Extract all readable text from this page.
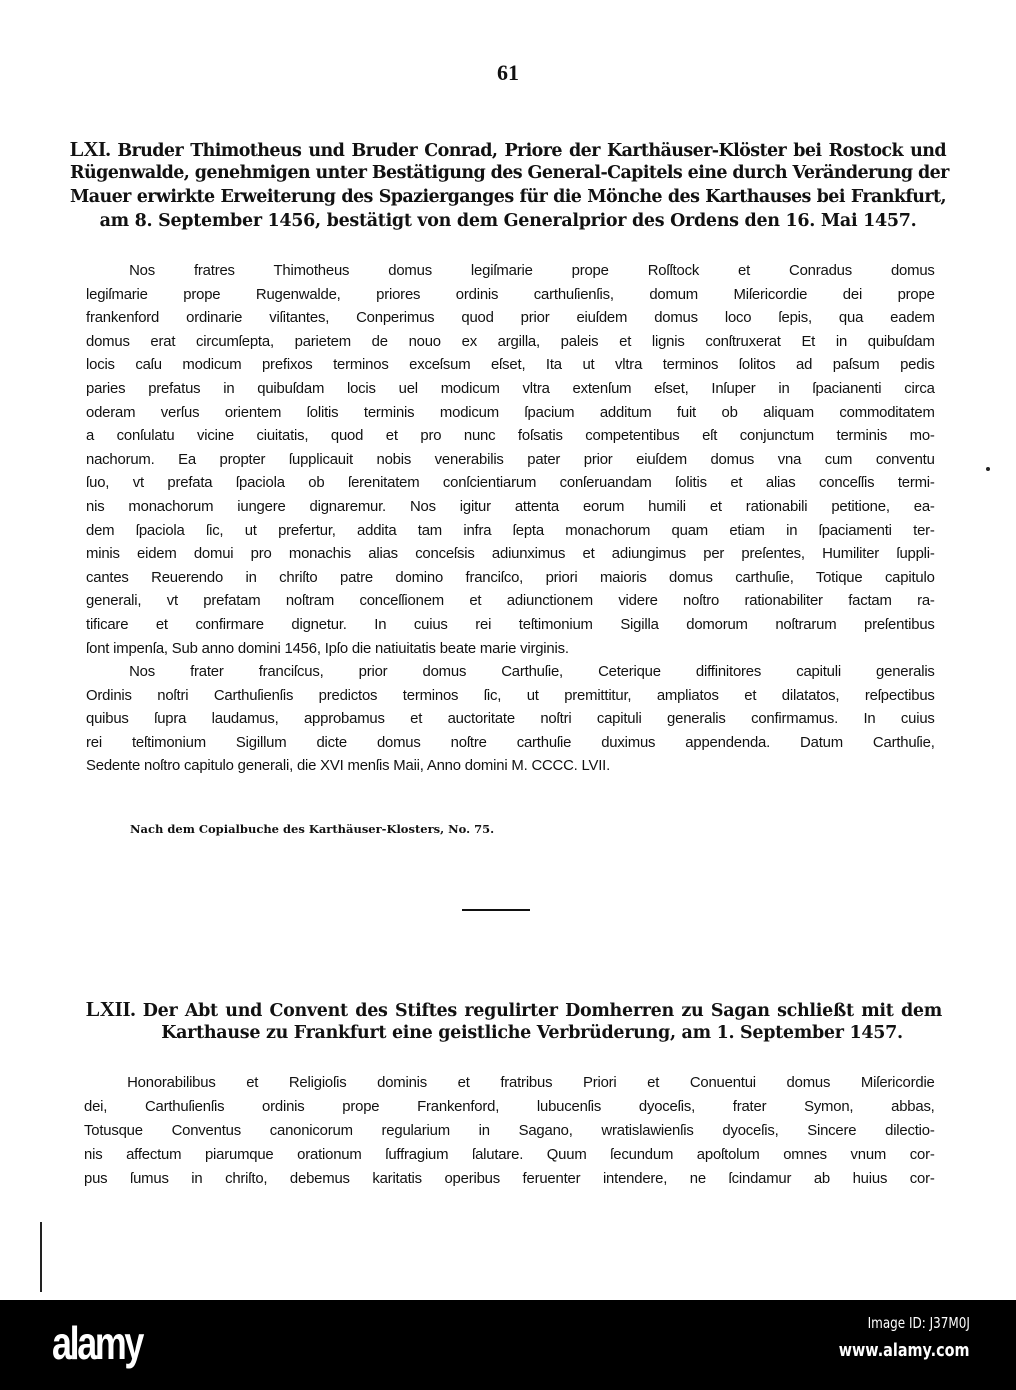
61
LXI. Bruder Thimotheus und Bruder Conrad, Priore der Karthäuser-Klöster bei Rostock und
Rügenwalde, genehmigen unter Bestätigung des General-Capitels eine durch Veränderung der
Mauer erwirkte Erweiterung des Spazierganges für die Mönche des Karthauses bei Frankfurt,
am 8. September 1456, bestätigt von dem Generalprior des Ordens den 16. Mai 1457.
Nos fratres Thimotheus domus legiſmarie prope Roſſtock et Conradus domus
legiſmarie prope Rugenwalde, priores ordinis carthuſienſis, domum Miſericordie dei prope
frankenford ordinarie viſitantes, Conperimus quod prior eiuſdem domus loco ſepis, qua eadem
domus erat circumſepta, parietem de nouo ex argilla, paleis et lignis conſtruxerat Et in quibuſdam
locis caſu modicum prefixos terminos exceſsum eſset, Ita ut vltra terminos ſolitos ad paſsum pedis
paries prefatus in quibuſdam locis uel modicum vltra extenſum eſset, Inſuper in ſpacianenti circa
oderam verſus orientem ſolitis terminis modicum ſpacium additum fuit ob aliquam commoditatem
a conſulatu vicine ciuitatis, quod et pro nunc foſsatis competentibus eſt conjunctum terminis mo-
nachorum. Ea propter ſupplicauit nobis venerabilis pater prior eiuſdem domus vna cum conventu
ſuo, vt prefata ſpaciola ob ſerenitatem conſcientiarum conſeruandam ſolitis et alias conceſſis termi-
nis monachorum iungere dignaremur. Nos igitur attenta eorum humili et rationabili petitione, ea-
dem ſpaciola ſic, ut prefertur, addita tam infra ſepta monachorum quam etiam in ſpaciamenti ter-
minis eidem domui pro monachis alias conceſsis adiunximus et adiungimus per preſentes, Humiliter ſuppli-
cantes Reuerendo in chriſto patre domino franciſco, priori maioris domus carthuſie, Totique capitulo
generali, vt prefatam noſtram conceſſionem et adiunctionem videre noſtro rationabiliter factam ra-
tificare et confirmare dignetur. In cuius rei teſtimonium Sigilla domorum noſtrarum preſentibus
ſont impenſa, Sub anno domini 1456, Ipſo die natiuitatis beate marie virginis.
Nos frater franciſcus, prior domus Carthuſie, Ceterique diffinitores capituli generalis
Ordinis noſtri Carthuſienſis predictos terminos ſic, ut premittitur, ampliatos et dilatatos, reſpectibus
quibus ſupra laudamus, approbamus et auctoritate noſtri capituli generalis confirmamus. In cuius
rei teſtimonium Sigillum dicte domus noſtre carthuſie duximus appendenda. Datum Carthuſie,
Sedente noſtro capitulo generali, die XVI menſis Maii, Anno domini M. CCCC. LVII.
Nach dem Copialbuche des Karthäuser-Klosters, No. 75.
LXII. Der Abt und Convent des Stiftes regulirter Domherren zu Sagan schließt mit dem
Karthause zu Frankfurt eine geistliche Verbrüderung, am 1. September 1457.
Honorabilibus et Religioſis dominis et fratribus Priori et Conuentui domus Miſericordie
dei, Carthuſienſis ordinis prope Frankenford, lubucenſis dyoceſis, frater Symon, abbas,
Totusque Conventus canonicorum regularium in Sagano, wratislawienſis dyoceſis, Sincere dilectio-
nis affectum piarumque orationum ſuffragium ſalutare. Quum ſecundum apoſtolum omnes vnum cor-
pus ſumus in chriſto, debemus karitatis operibus feruenter intendere, ne ſcindamur ab huius cor-
alamy	Image ID: J37M0J
www.alamy.com
